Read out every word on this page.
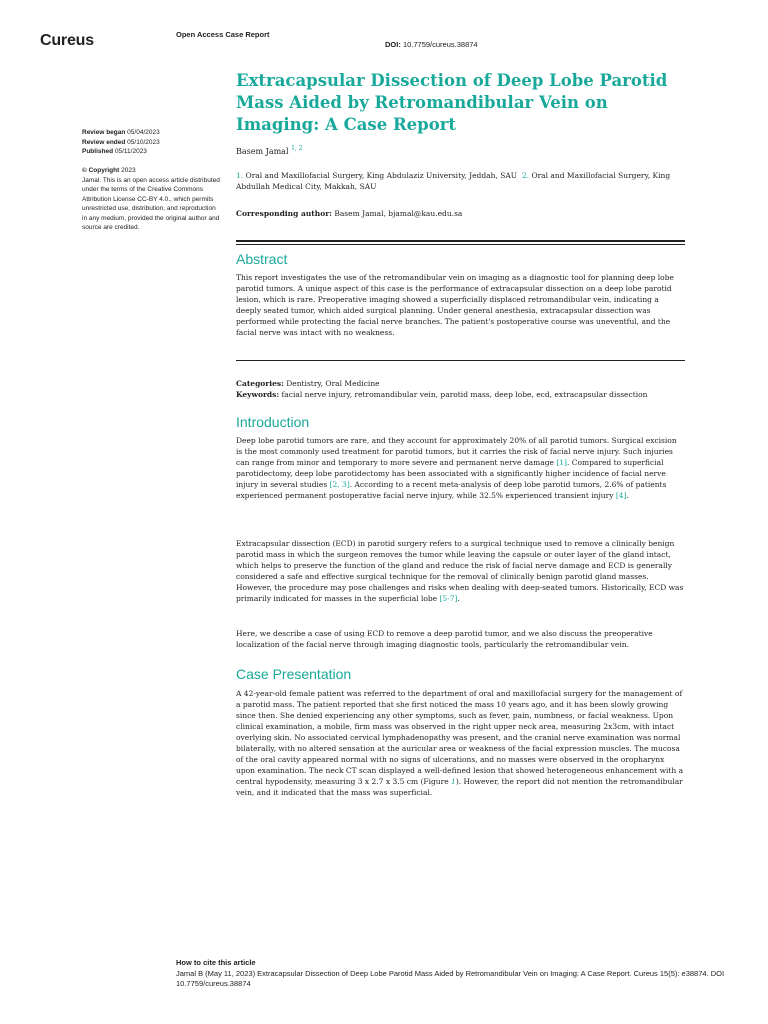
Cureus	Open Access Case Report
DOI: 10.7759/cureus.38874
Review began 05/04/2023
Review ended 05/10/2023
Published 05/11/2023
© Copyright 2023
Jamal. This is an open access article distributed under the terms of the Creative Commons Attribution License CC-BY 4.0., which permits unrestricted use, distribution, and reproduction in any medium, provided the original author and source are credited.
Extracapsular Dissection of Deep Lobe Parotid Mass Aided by Retromandibular Vein on Imaging: A Case Report
Basem Jamal $^{1, 2}$
1. Oral and Maxillofacial Surgery, King Abdulaziz University, Jeddah, SAU 2. Oral and Maxillofacial Surgery, King Abdullah Medical City, Makkah, SAU
Corresponding author: Basem Jamal, bjamal@kau.edu.sa
Abstract
This report investigates the use of the retromandibular vein on imaging as a diagnostic tool for planning deep lobe parotid tumors. A unique aspect of this case is the performance of extracapsular dissection on a deep lobe parotid lesion, which is rare. Preoperative imaging showed a superficially displaced retromandibular vein, indicating a deeply seated tumor, which aided surgical planning. Under general anesthesia, extracapsular dissection was performed while protecting the facial nerve branches. The patient's postoperative course was uneventful, and the facial nerve was intact with no weakness.
Categories: Dentistry, Oral Medicine
Keywords: facial nerve injury, retromandibular vein, parotid mass, deep lobe, ecd, extracapsular dissection
Introduction
Deep lobe parotid tumors are rare, and they account for approximately 20% of all parotid tumors. Surgical excision is the most commonly used treatment for parotid tumors, but it carries the risk of facial nerve injury. Such injuries can range from minor and temporary to more severe and permanent nerve damage [1]. Compared to superficial parotidectomy, deep lobe parotidectomy has been associated with a significantly higher incidence of facial nerve injury in several studies [2, 3]. According to a recent meta-analysis of deep lobe parotid tumors, 2.6% of patients experienced permanent postoperative facial nerve injury, while 32.5% experienced transient injury [4].
Extracapsular dissection (ECD) in parotid surgery refers to a surgical technique used to remove a clinically benign parotid mass in which the surgeon removes the tumor while leaving the capsule or outer layer of the gland intact, which helps to preserve the function of the gland and reduce the risk of facial nerve damage and ECD is generally considered a safe and effective surgical technique for the removal of clinically benign parotid gland masses. However, the procedure may pose challenges and risks when dealing with deep-seated tumors. Historically, ECD was primarily indicated for masses in the superficial lobe [5-7].
Here, we describe a case of using ECD to remove a deep parotid tumor, and we also discuss the preoperative localization of the facial nerve through imaging diagnostic tools, particularly the retromandibular vein.
Case Presentation
A 42-year-old female patient was referred to the department of oral and maxillofacial surgery for the management of a parotid mass. The patient reported that she first noticed the mass 10 years ago, and it has been slowly growing since then. She denied experiencing any other symptoms, such as fever, pain, numbness, or facial weakness. Upon clinical examination, a mobile, firm mass was observed in the right upper neck area, measuring 2x3cm, with intact overlying skin. No associated cervical lymphadenopathy was present, and the cranial nerve examination was normal bilaterally, with no altered sensation at the auricular area or weakness of the facial expression muscles. The mucosa of the oral cavity appeared normal with no signs of ulcerations, and no masses were observed in the oropharynx upon examination. The neck CT scan displayed a well-defined lesion that showed heterogeneous enhancement with a central hypodensity, measuring 3 x 2.7 x 3.5 cm (Figure 1). However, the report did not mention the retromandibular vein, and it indicated that the mass was superficial.
How to cite this article
Jamal B (May 11, 2023) Extracapsular Dissection of Deep Lobe Parotid Mass Aided by Retromandibular Vein on Imaging: A Case Report. Cureus 15(5): e38874. DOI 10.7759/cureus.38874
